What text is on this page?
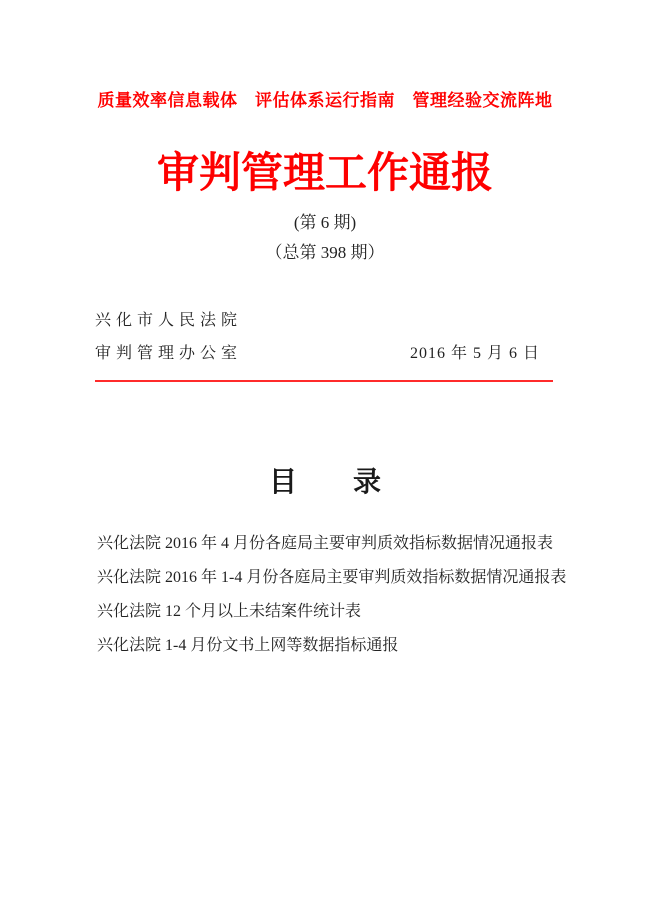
质量效率信息载体　评估体系运行指南　管理经验交流阵地
审判管理工作通报
(第 6 期)
（总第 398 期）
兴化市人民法院
审判管理办公室	2016 年 5 月 6 日
目　　录
兴化法院 2016 年 4 月份各庭局主要审判质效指标数据情况通报表
兴化法院 2016 年 1-4 月份各庭局主要审判质效指标数据情况通报表
兴化法院 12 个月以上未结案件统计表
兴化法院 1-4 月份文书上网等数据指标通报
